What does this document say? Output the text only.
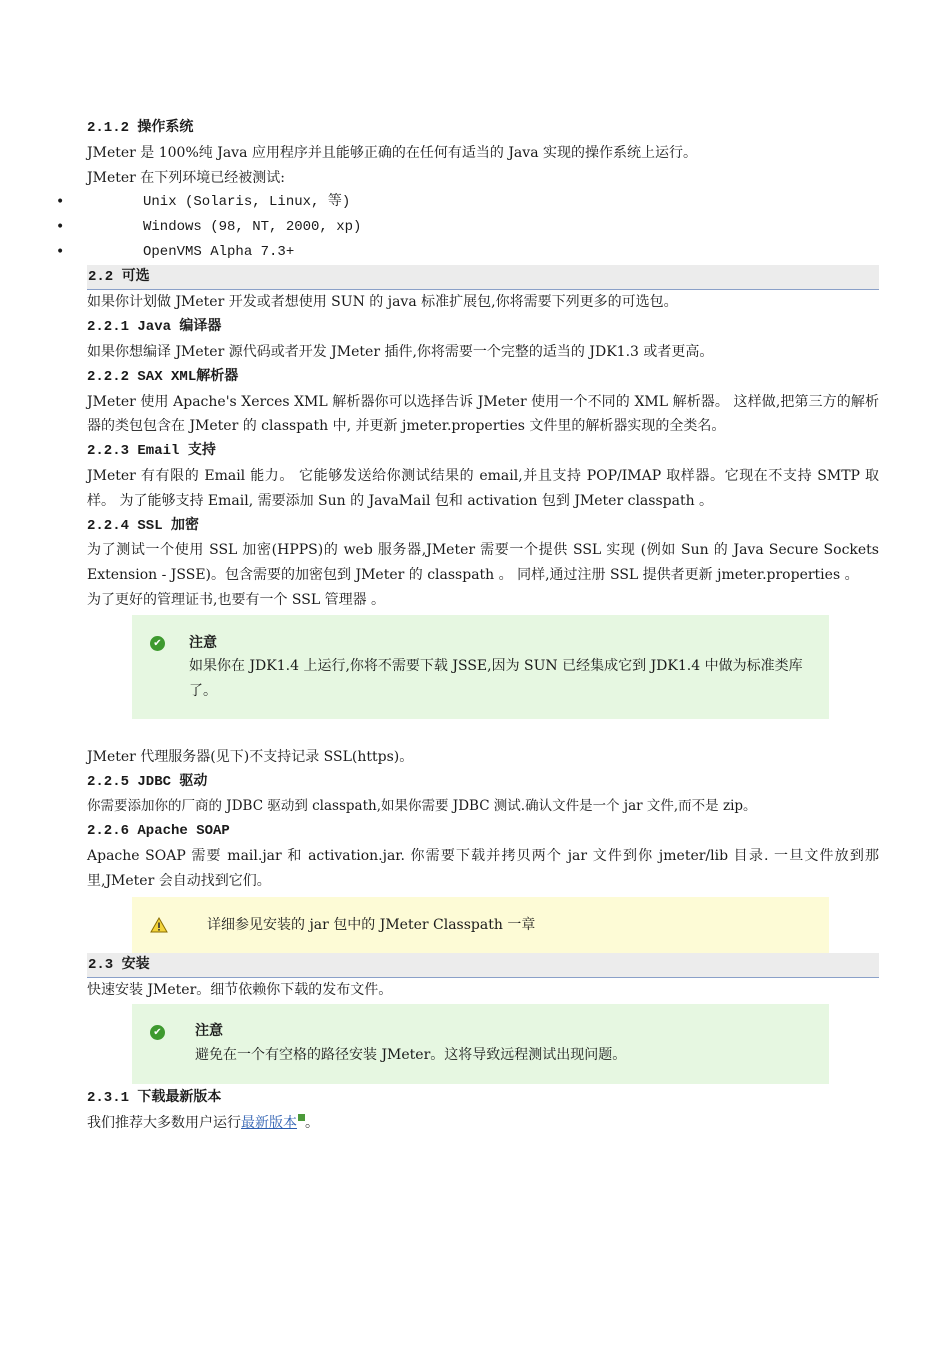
2.1.2 操作系统

JMeter 是 100%纯 Java 应用程序并且能够正确的在任何有适当的 Java 实现的操作系统上运行。

JMeter 在下列环境已经被测试:

•	Unix (Solaris, Linux, 等)
•	Windows (98, NT, 2000, xp)
•	OpenVMS Alpha 7.3+

2.2 可选

如果你计划做 JMeter 开发或者想使用 SUN 的 java 标准扩展包,你将需要下列更多的可选包。

2.2.1 Java 编译器

如果你想编译 JMeter 源代码或者开发 JMeter 插件,你将需要一个完整的适当的 JDK1.3 或者更高。

2.2.2 SAX XML解析器

JMeter 使用 Apache's Xerces XML 解析器你可以选择告诉 JMeter 使用一个不同的 XML 解析器。 这样做,把第三方的解析器的类包包含在 JMeter 的 classpath 中, 并更新 jmeter.properties 文件里的解析器实现的全类名。

2.2.3 Email 支持

JMeter 有有限的 Email 能力。 它能够发送给你测试结果的 email,并且支持 POP/IMAP 取样器。它现在不支持 SMTP 取样。 为了能够支持 Email, 需要添加 Sun 的 JavaMail 包和 activation 包到 JMeter classpath 。

2.2.4 SSL 加密

为了测试一个使用 SSL 加密(HPPS)的 web 服务器,JMeter 需要一个提供 SSL 实现 (例如 Sun 的 Java Secure Sockets Extension - JSSE)。包含需要的加密包到 JMeter 的 classpath 。 同样,通过注册 SSL 提供者更新 jmeter.properties 。

为了更好的管理证书,也要有一个 SSL 管理器 。

✔ 注意
如果你在 JDK1.4 上运行,你将不需要下载 JSSE,因为 SUN 已经集成它到 JDK1.4 中做为标准类库了。

JMeter 代理服务器(见下)不支持记录 SSL(https)。

2.2.5 JDBC 驱动

你需要添加你的厂商的 JDBC 驱动到 classpath,如果你需要 JDBC 测试.确认文件是一个 jar 文件,而不是 zip。

2.2.6 Apache SOAP

Apache SOAP 需要 mail.jar 和 activation.jar. 你需要下载并拷贝两个 jar 文件到你 jmeter/lib 目录. 一旦文件放到那里,JMeter 会自动找到它们。

详细参见安装的 jar 包中的 JMeter Classpath 一章

2.3 安装

快速安装 JMeter。细节依赖你下载的发布文件。

✔ 注意
避免在一个有空格的路径安装 JMeter。这将导致远程测试出现问题。

2.3.1 下载最新版本

我们推荐大多数用户运行最新版本 。
